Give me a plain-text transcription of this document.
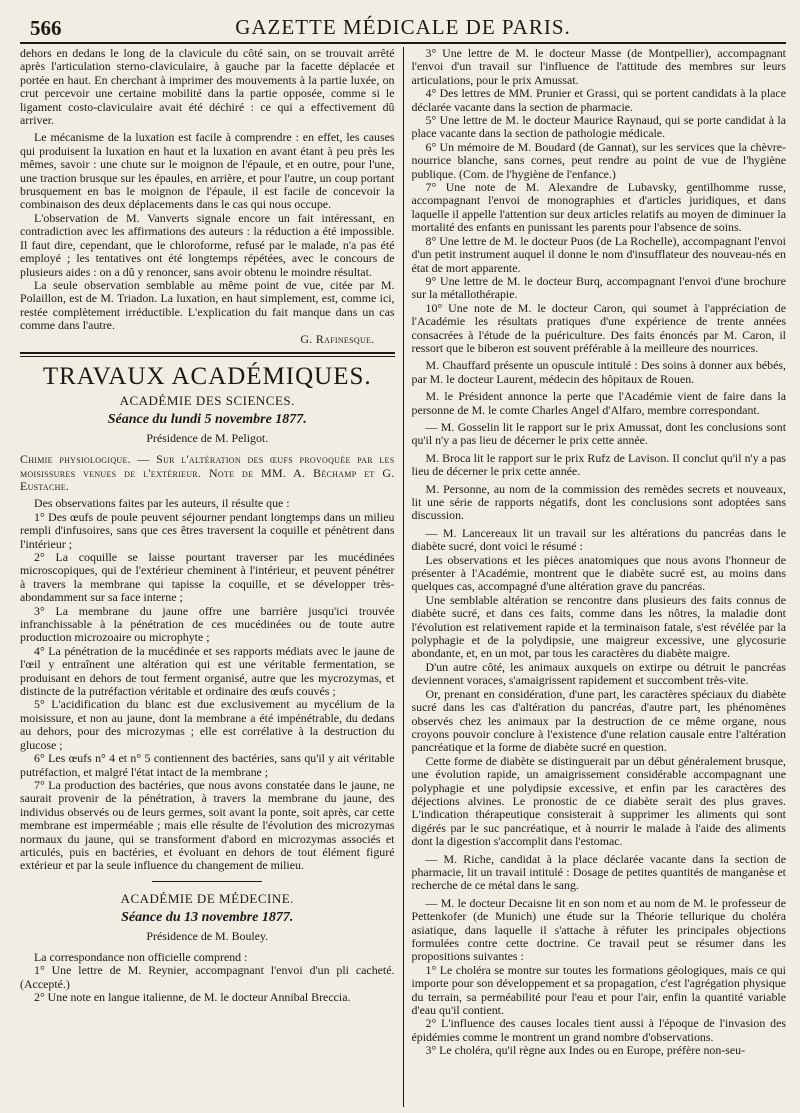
566	GAZETTE MÉDICALE DE PARIS.

dehors en dedans le long de la clavicule du côté sain, on se trouvait arrêté après l'articulation sterno-claviculaire, à gauche par la facette déplacée et portée en haut. En cherchant à imprimer des mouvements à la partie luxée, on crut percevoir une certaine mobilité dans la partie opposée, comme si le ligament costo-claviculaire avait été déchiré : ce qui a effectivement dû arriver.

Le mécanisme de la luxation est facile à comprendre : en effet, les causes qui produisent la luxation en haut et la luxation en avant étant à peu près les mêmes, savoir : une chute sur le moignon de l'épaule, et en outre, pour l'une, une traction brusque sur les épaules, en arrière, et pour l'autre, un coup portant brusquement en bas le moignon de l'épaule, il est facile de concevoir la combinaison des deux déplacements dans le cas qui nous occupe.

L'observation de M. Vanverts signale encore un fait intéressant, en contradiction avec les affirmations des auteurs : la réduction a été impossible. Il faut dire, cependant, que le chloroforme, refusé par le malade, n'a pas été employé ; les tentatives ont été longtemps répétées, avec le concours de plusieurs aides : on a dû y renoncer, sans avoir obtenu le moindre résultat.

La seule observation semblable au même point de vue, citée par M. Polaillon, est de M. Triadon. La luxation, en haut simplement, est, comme ici, restée complètement irréductible. L'explication du fait manque dans un cas comme dans l'autre.

G. Rafinesque.

TRAVAUX ACADÉMIQUES.
ACADÉMIE DES SCIENCES.
Séance du lundi 5 novembre 1877.
Présidence de M. Peligot.

Chimie physiologique. — Sur l'altération des œufs provoquée par les moisissures venues de l'extérieur. Note de MM. A. Béchamp et G. Eustache.

Des observations faites par les auteurs, il résulte que :

1° Des œufs de poule peuvent séjourner pendant longtemps dans un milieu rempli d'infusoires, sans que ces êtres traversent la coquille et pénètrent dans l'intérieur ;

2° La coquille se laisse pourtant traverser par les mucédinées microscopiques, qui de l'extérieur cheminent à l'intérieur, et peuvent pénétrer à travers la membrane qui tapisse la coquille, et se développer très-abondamment sur sa face interne ;

3° La membrane du jaune offre une barrière jusqu'ici trouvée infranchissable à la pénétration de ces mucédinées ou de toute autre production microzoaire ou microphyte ;

4° La pénétration de la mucédinée et ses rapports médiats avec le jaune de l'œil y entraînent une altération qui est une véritable fermentation, se produisant en dehors de tout ferment organisé, autre que les mycrozymas, et distincte de la putréfaction véritable et ordinaire des œufs couvés ;

5° L'acidification du blanc est due exclusivement au mycélium de la moisissure, et non au jaune, dont la membrane a été impénétrable, du dedans au dehors, pour des microzymas ; elle est corrélative à la destruction du glucose ;

6° Les œufs n° 4 et n° 5 contiennent des bactéries, sans qu'il y ait véritable putréfaction, et malgré l'état intact de la membrane ;

7° La production des bactéries, que nous avons constatée dans le jaune, ne saurait provenir de la pénétration, à travers la membrane du jaune, des individus observés ou de leurs germes, soit avant la ponte, soit après, car cette membrane est imperméable ; mais elle résulte de l'évolution des microzymas normaux du jaune, qui se transforment d'abord en microzymas associés et articulés, puis en bactéries, et évoluant en dehors de tout élément figuré extérieur et par la seule influence du changement de milieu.

ACADÉMIE DE MÉDECINE.
Séance du 13 novembre 1877.
Présidence de M. Bouley.

La correspondance non officielle comprend :

1° Une lettre de M. Reynier, accompagnant l'envoi d'un pli cacheté. (Accepté.)

2° Une note en langue italienne, de M. le docteur Annibal Breccia.

3° Une lettre de M. le docteur Masse (de Montpellier), accompagnant l'envoi d'un travail sur l'influence de l'attitude des membres sur leurs articulations, pour le prix Amussat.

4° Des lettres de MM. Prunier et Grassi, qui se portent candidats à la place déclarée vacante dans la section de pharmacie.

5° Une lettre de M. le docteur Maurice Raynaud, qui se porte candidat à la place vacante dans la section de pathologie médicale.

6° Un mémoire de M. Boudard (de Gannat), sur les services que la chèvre-nourrice blanche, sans cornes, peut rendre au point de vue de l'hygiène publique. (Com. de l'hygiène de l'enfance.)

7° Une note de M. Alexandre de Lubavsky, gentilhomme russe, accompagnant l'envoi de monographies et d'articles juridiques, et dans laquelle il appelle l'attention sur deux articles relatifs au moyen de diminuer la mortalité des enfants en punissant les parents pour l'absence de soins.

8° Une lettre de M. le docteur Puos (de La Rochelle), accompagnant l'envoi d'un petit instrument auquel il donne le nom d'insufflateur des nouveau-nés en état de mort apparente.

9° Une lettre de M. le docteur Burq, accompagnant l'envoi d'une brochure sur la métallothérapie.

10° Une note de M. le docteur Caron, qui soumet à l'appréciation de l'Académie les résultats pratiques d'une expérience de trente années consacrées à l'étude de la puériculture. Des faits énoncés par M. Caron, il ressort que le biberon est souvent préférable à la meilleure des nourrices.

M. Chauffard présente un opuscule intitulé : Des soins à donner aux bébés, par M. le docteur Laurent, médecin des hôpitaux de Rouen.

M. le Président annonce la perte que l'Académie vient de faire dans la personne de M. le comte Charles Angel d'Alfaro, membre correspondant.

— M. Gosselin lit le rapport sur le prix Amussat, dont les conclusions sont qu'il n'y a pas lieu de décerner le prix cette année.

M. Broca lit le rapport sur le prix Rufz de Lavison. Il conclut qu'il n'y a pas lieu de décerner le prix cette année.

M. Personne, au nom de la commission des remèdes secrets et nouveaux, lit une série de rapports négatifs, dont les conclusions sont adoptées sans discussion.

— M. Lancereaux lit un travail sur les altérations du pancréas dans le diabète sucré, dont voici le résumé :

Les observations et les pièces anatomiques que nous avons l'honneur de présenter à l'Académie, montrent que le diabète sucré est, au moins dans quelques cas, accompagné d'une altération grave du pancréas.

Une semblable altération se rencontre dans plusieurs des faits connus de diabète sucré, et dans ces faits, comme dans les nôtres, la maladie dont l'évolution est relativement rapide et la terminaison fatale, s'est révélée par la polyphagie et de la polydipsie, une maigreur excessive, une glycosurie abondante, et, en un mot, par tous les caractères du diabète maigre.

D'un autre côté, les animaux auxquels on extirpe ou détruit le pancréas deviennent voraces, s'amaigrissent rapidement et succombent très-vite.

Or, prenant en considération, d'une part, les caractères spéciaux du diabète sucré dans les cas d'altération du pancréas, d'autre part, les phénomènes observés chez les animaux par la destruction de ce même organe, nous croyons pouvoir conclure à l'existence d'une relation causale entre l'altération pancréatique et la forme de diabète sucré en question.

Cette forme de diabète se distinguerait par un début généralement brusque, une évolution rapide, un amaigrissement considérable accompagnant une polyphagie et une polydipsie excessive, et enfin par les caractères des déjections alvines. Le pronostic de ce diabète serait des plus graves. L'indication thérapeutique consisterait à supprimer les aliments qui sont digérés par le suc pancréatique, et à nourrir le malade à l'aide des aliments dont la digestion s'accomplit dans l'estomac.

— M. Riche, candidat à la place déclarée vacante dans la section de pharmacie, lit un travail intitulé : Dosage de petites quantités de manganèse et recherche de ce métal dans le sang.

— M. le docteur Decaisne lit en son nom et au nom de M. le professeur de Pettenkofer (de Munich) une étude sur la Théorie tellurique du choléra asiatique, dans laquelle il s'attache à réfuter les principales objections formulées contre cette doctrine. Ce travail peut se résumer dans les propositions suivantes :

1° Le choléra se montre sur toutes les formations géologiques, mais ce qui importe pour son développement et sa propagation, c'est l'agrégation physique du terrain, sa perméabilité pour l'eau et pour l'air, enfin la quantité variable d'eau qu'il contient.

2° L'influence des causes locales tient aussi à l'époque de l'invasion des épidémies comme le montrent un grand nombre d'observations.

3° Le choléra, qu'il règne aux Indes ou en Europe, préfère non-seu-
